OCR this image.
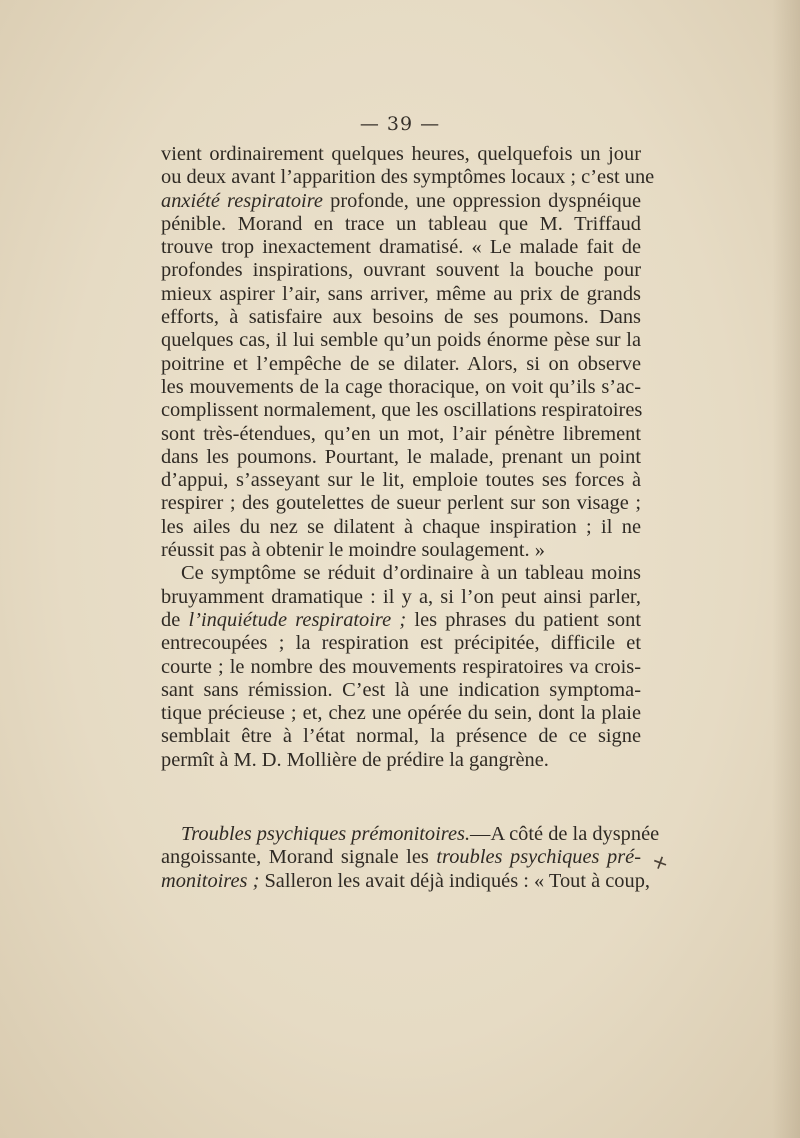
— 39 —
vient ordinairement quelques heures, quelquefois un jour
ou deux avant l’apparition des symptômes locaux ; c’est une
anxiété respiratoire profonde, une oppression dyspnéique
pénible. Morand en trace un tableau que M. Triffaud
trouve trop inexactement dramatisé. « Le malade fait de
profondes inspirations, ouvrant souvent la bouche pour
mieux aspirer l’air, sans arriver, même au prix de grands
efforts, à satisfaire aux besoins de ses poumons. Dans
quelques cas, il lui semble qu’un poids énorme pèse sur la
poitrine et l’empêche de se dilater. Alors, si on observe
les mouvements de la cage thoracique, on voit qu’ils s’ac-
complissent normalement, que les oscillations respiratoires
sont très-étendues, qu’en un mot, l’air pénètre librement
dans les poumons. Pourtant, le malade, prenant un point
d’appui, s’asseyant sur le lit, emploie toutes ses forces à
respirer ; des goutelettes de sueur perlent sur son visage ;
les ailes du nez se dilatent à chaque inspiration ; il ne
réussit pas à obtenir le moindre soulagement. »
Ce symptôme se réduit d’ordinaire à un tableau moins
bruyamment dramatique : il y a, si l’on peut ainsi parler,
de l’inquiétude respiratoire ; les phrases du patient sont
entrecoupées ; la respiration est précipitée, difficile et
courte ; le nombre des mouvements respiratoires va crois-
sant sans rémission. C’est là une indication symptoma-
tique précieuse ; et, chez une opérée du sein, dont la plaie
semblait être à l’état normal, la présence de ce signe
permît à M. D. Mollière de prédire la gangrène.
Troubles psychiques prémonitoires.—A côté de la dyspnée
angoissante, Morand signale les troubles psychiques pré-
monitoires ; Salleron les avait déjà indiqués : « Tout à coup,
+
